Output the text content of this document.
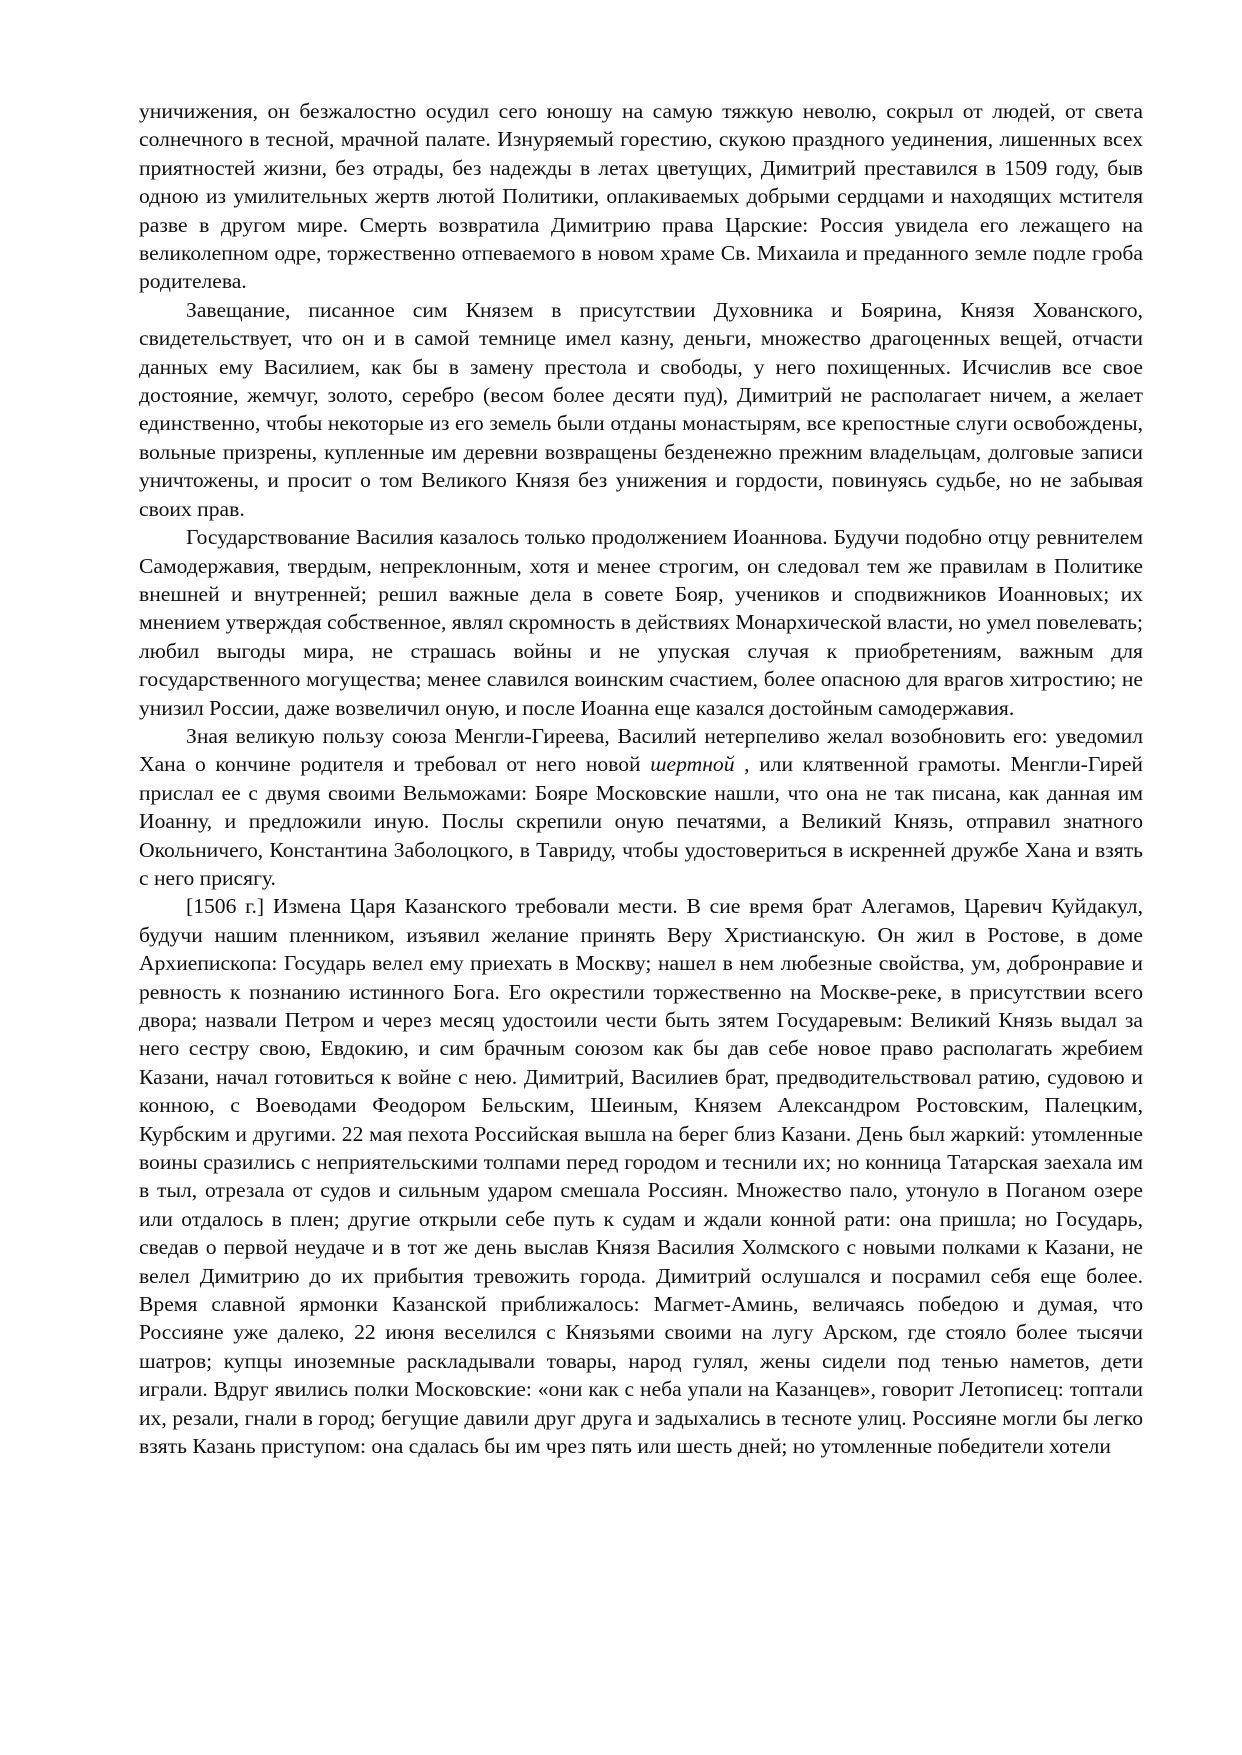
уничижения, он безжалостно осудил сего юношу на самую тяжкую неволю, сокрыл от людей, от света солнечного в тесной, мрачной палате. Изнуряемый горестию, скукою праздного уединения, лишенных всех приятностей жизни, без отрады, без надежды в летах цветущих, Димитрий преставился в 1509 году, быв одною из умилительных жертв лютой Политики, оплакиваемых добрыми сердцами и находящих мстителя разве в другом мире. Смерть возвратила Димитрию права Царские: Россия увидела его лежащего на великолепном одре, торжественно отпеваемого в новом храме Св. Михаила и преданного земле подле гроба родителева.

Завещание, писанное сим Князем в присутствии Духовника и Боярина, Князя Хованского, свидетельствует, что он и в самой темнице имел казну, деньги, множество драгоценных вещей, отчасти данных ему Василием, как бы в замену престола и свободы, у него похищенных. Исчислив все свое достояние, жемчуг, золото, серебро (весом более десяти пуд), Димитрий не располагает ничем, а желает единственно, чтобы некоторые из его земель были отданы монастырям, все крепостные слуги освобождены, вольные призрены, купленные им деревни возвращены безденежно прежним владельцам, долговые записи уничтожены, и просит о том Великого Князя без унижения и гордости, повинуясь судьбе, но не забывая своих прав.

Государствование Василия казалось только продолжением Иоаннова. Будучи подобно отцу ревнителем Самодержавия, твердым, непреклонным, хотя и менее строгим, он следовал тем же правилам в Политике внешней и внутренней; решил важные дела в совете Бояр, учеников и сподвижников Иоанновых; их мнением утверждая собственное, являл скромность в действиях Монархической власти, но умел повелевать; любил выгоды мира, не страшась войны и не упуская случая к приобретениям, важным для государственного могущества; менее славился воинским счастием, более опасною для врагов хитростию; не унизил России, даже возвеличил оную, и после Иоанна еще казался достойным самодержавия.

Зная великую пользу союза Менгли-Гиреева, Василий нетерпеливо желал возобновить его: уведомил Хана о кончине родителя и требовал от него новой шертной , или клятвенной грамоты. Менгли-Гирей прислал ее с двумя своими Вельможами: Бояре Московские нашли, что она не так писана, как данная им Иоанну, и предложили иную. Послы скрепили оную печатями, а Великий Князь, отправил знатного Окольничего, Константина Заболоцкого, в Тавриду, чтобы удостовериться в искренней дружбе Хана и взять с него присягу.

[1506 г.] Измена Царя Казанского требовали мести. В сие время брат Алегамов, Царевич Куйдакул, будучи нашим пленником, изъявил желание принять Веру Христианскую. Он жил в Ростове, в доме Архиепископа: Государь велел ему приехать в Москву; нашел в нем любезные свойства, ум, добронравие и ревность к познанию истинного Бога. Его окрестили торжественно на Москве-реке, в присутствии всего двора; назвали Петром и через месяц удостоили чести быть зятем Государевым: Великий Князь выдал за него сестру свою, Евдокию, и сим брачным союзом как бы дав себе новое право располагать жребием Казани, начал готовиться к войне с нею. Димитрий, Василиев брат, предводительствовал ратию, судовою и конною, с Воеводами Феодором Бельским, Шеиным, Князем Александром Ростовским, Палецким, Курбским и другими. 22 мая пехота Российская вышла на берег близ Казани. День был жаркий: утомленные воины сразились с неприятельскими толпами перед городом и теснили их; но конница Татарская заехала им в тыл, отрезала от судов и сильным ударом смешала Россиян. Множество пало, утонуло в Поганом озере или отдалось в плен; другие открыли себе путь к судам и ждали конной рати: она пришла; но Государь, сведав о первой неудаче и в тот же день выслав Князя Василия Холмского с новыми полками к Казани, не велел Димитрию до их прибытия тревожить города. Димитрий ослушался и посрамил себя еще более. Время славной ярмонки Казанской приближалось: Магмет-Аминь, величаясь победою и думая, что Россияне уже далеко, 22 июня веселился с Князьями своими на лугу Арском, где стояло более тысячи шатров; купцы иноземные раскладывали товары, народ гулял, жены сидели под тенью наметов, дети играли. Вдруг явились полки Московские: «они как с неба упали на Казанцев», говорит Летописец: топтали их, резали, гнали в город; бегущие давили друг друга и задыхались в тесноте улиц. Россияне могли бы легко взять Казань приступом: она сдалась бы им чрез пять или шесть дней; но утомленные победители хотели
